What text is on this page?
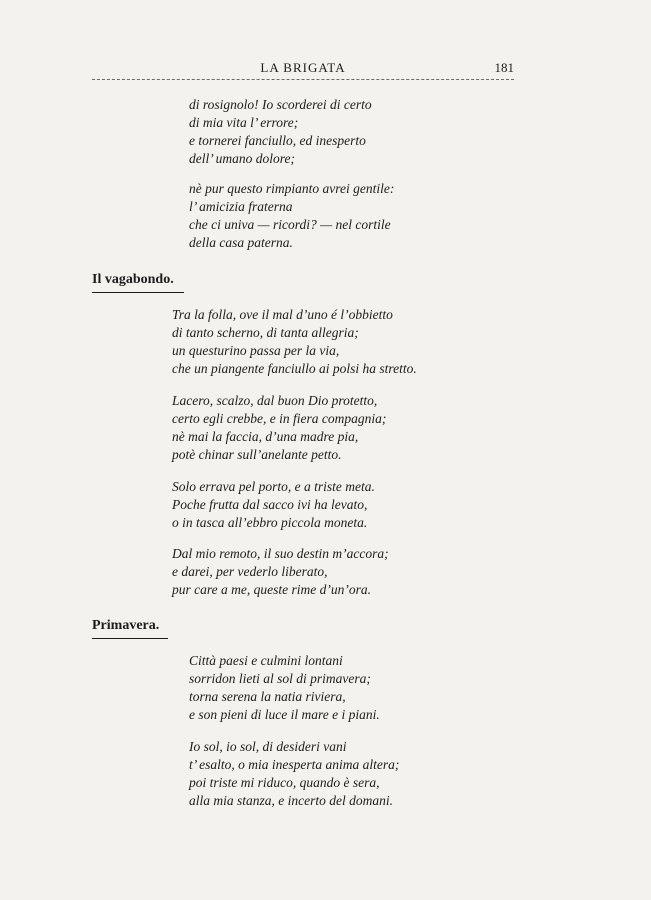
LA BRIGATA	181
di rosignolo! Io scorderei di certo
di mia vita l’ errore;
e tornerei fanciullo, ed inesperto
dell’ umano dolore;
nè pur questo rimpianto avrei gentile:
l’ amicizia fraterna
che ci univa — ricordi? — nel cortile
della casa paterna.
Il vagabondo.
Tra la folla, ove il mal d’uno é l’obbietto
di tanto scherno, di tanta allegria;
un questurino passa per la via,
che un piangente fanciullo ai polsi ha stretto.
Lacero, scalzo, dal buon Dio protetto,
certo egli crebbe, e in fiera compagnia;
nè mai la faccia, d’una madre pia,
potè chinar sull’anelante petto.
Solo errava pel porto, e a triste meta.
Poche frutta dal sacco ivi ha levato,
o in tasca all’ebbro piccola moneta.
Dal mio remoto, il suo destin m’accora;
e darei, per vederlo liberato,
pur care a me, queste rime d’un’ora.
Primavera.
Città paesi e culmini lontani
sorridon lieti al sol di primavera;
torna serena la natia riviera,
e son pieni di luce il mare e i piani.
Io sol, io sol, di desideri vani
t’ esalto, o mia inesperta anima altera;
poi triste mi riduco, quando è sera,
alla mia stanza, e incerto del domani.
